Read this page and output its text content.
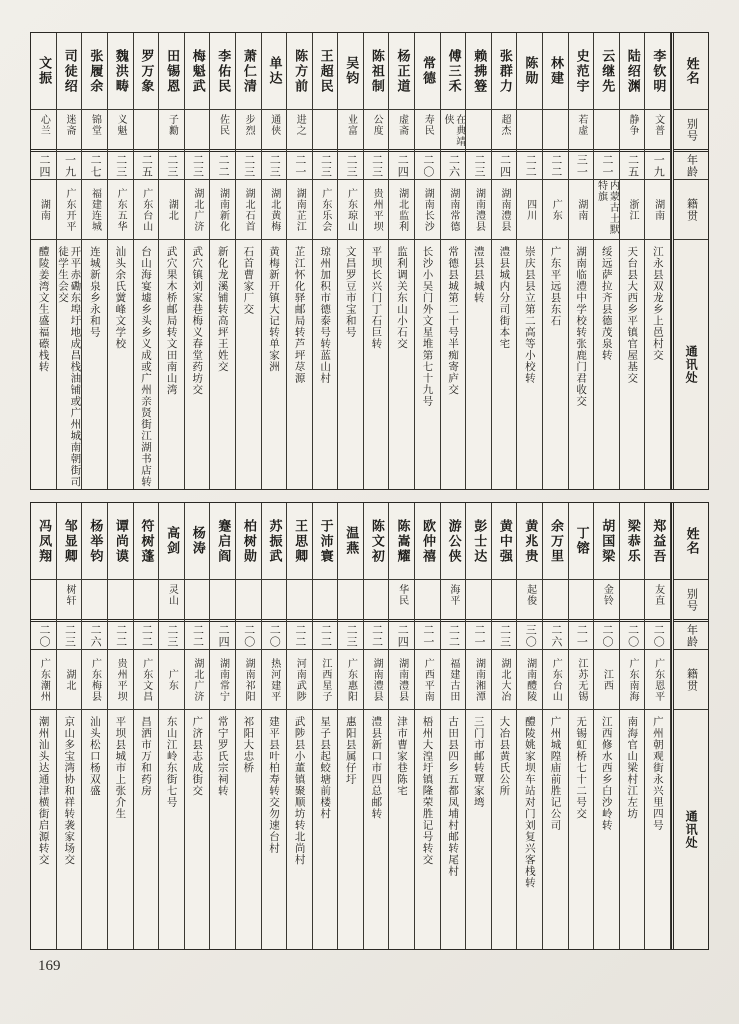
姓名
别号
年龄
籍贯
通讯处
李钦明
文普
一九
湖南
江永县双龙乡上邑村交
陆绍渊
静争
二五
浙江
天台县大西乡平镇官屋基交
云继先
二一
内蒙古土默特旗
绥远萨拉齐县德茂泉转
史范宇
若虚
三一
湖南
湖南临澧中学校转张鹿门君收交
林建
二二
广东
广东平远县东石
陈勋
二二
四川
崇庆县县立第二高等小校转
张群力
超杰
二四
湖南澧县
澧县城内分司街本宅
赖拂簦
二三
湖南澧县
澧县县城转
傅三禾
在典靖侠
二六
湖南常德
常德县城第二十号半痴寄庐交
常德
寿民
二〇
湖南长沙
长沙小吴门外文星堆第七十九号
杨正道
虚斋
二四
湖北监利
监利调关东山小石交
陈祖制
公度
二三
贵州平坝
平坝长兴门丁石巨转
吴钧
业富
二三
广东琼山
文昌罗豆市宝和号
王超民
二三
广东乐会
琼州加积市德泰号转蓝山村
陈方前
进之
二一
湖南芷江
芷江怀化驿邮局转芦坪荩源
单达
通侠
二三
湖北黄梅
黄梅新开镇大记转单家洲
萧仁清
步烈
二三
湖北石首
石首曹家厂交
李佑民
佐民
二二
湖南新化
新化龙溪铺转高坪王姓交
梅魁武
二三
湖北广济
武穴镇刘家巷梅义春堂药坊交
田锡恩
子勷
二三
湖北
武穴果木桥邮局转文田南山湾
罗万象
二五
广东台山
台山海宴墟乡头乡义成或广州亲贤街江湖书店转
魏洪畴
义魁
二三
广东五华
汕头余氏黉峰文学校
张履余
锦堂
二七
福建连城
连城新泉乡永和号
司徒绍
迷斋
一九
广东开平
开平赤磡东埠圩地成昌栈油铺或广州城南朝街司徒学生会交
文振
心兰
二四
湖南
醴陵姜湾文生盛福礤栈转
姓名
别号
年龄
籍贯
通讯处
郑益吾
友直
二〇
广东恩平
广州朝观街永兴里四号
梁恭乐
二〇
广东南海
南海官山梁村江左坊
胡国梁
金铃
二〇
江西
江西修水西乡白沙岭转
丁镕
二一
江苏无锡
无锡虹桥七十二号交
余万里
二六
广东台山
广州城隍庙前胜记公司
黄兆贵
起俊
三〇
湖南醴陵
醴陵姚家坝车站对门刘复兴客栈转
黄中强
二三
湖北大冶
大冶县黄氏公所
彭士达
二一
湖南湘潭
三门市邮转覃家塆
游公侠
海平
二二
福建古田
古田县四乡五都凤埔村邮转尾村
欧仲禧
二一
广西平南
梧州大湟圩镇隆荣胜记号转交
陈嵩耀
华民
二四
湖南澧县
津市曹家巷陈宅
陈文初
二二
湖南澧县
澧县新口市四总邮转
温燕
二三
广东惠阳
惠阳县属仔圩
于沛寰
二二
江西星子
星子县起蛟塘前楼村
王思卿
二二
河南武陟
武陟县小董镇聚顺坊转北尚村
苏振武
二〇
热河建平
建平县叶柏寿转交勿速台村
柏树勋
二〇
湖南祁阳
祁阳大忠桥
蹇启阎
二四
湖南常宁
常宁罗氏宗祠转
杨涛
二二
湖北广济
广济县志成街交
高剑
灵山
二三
广东
东山江岭东街七号
符树蓬
二二
广东文昌
昌洒市万和药房
谭尚谟
二二
贵州平坝
平坝县城市上张介生
杨举钧
二六
广东梅县
汕头松口杨双盛
邹显卿
树轩
二三
湖北
京山多宝湾协和祥转袭家场交
冯凤翔
二〇
广东潮州
潮州汕头达通津横街启源转交
169
